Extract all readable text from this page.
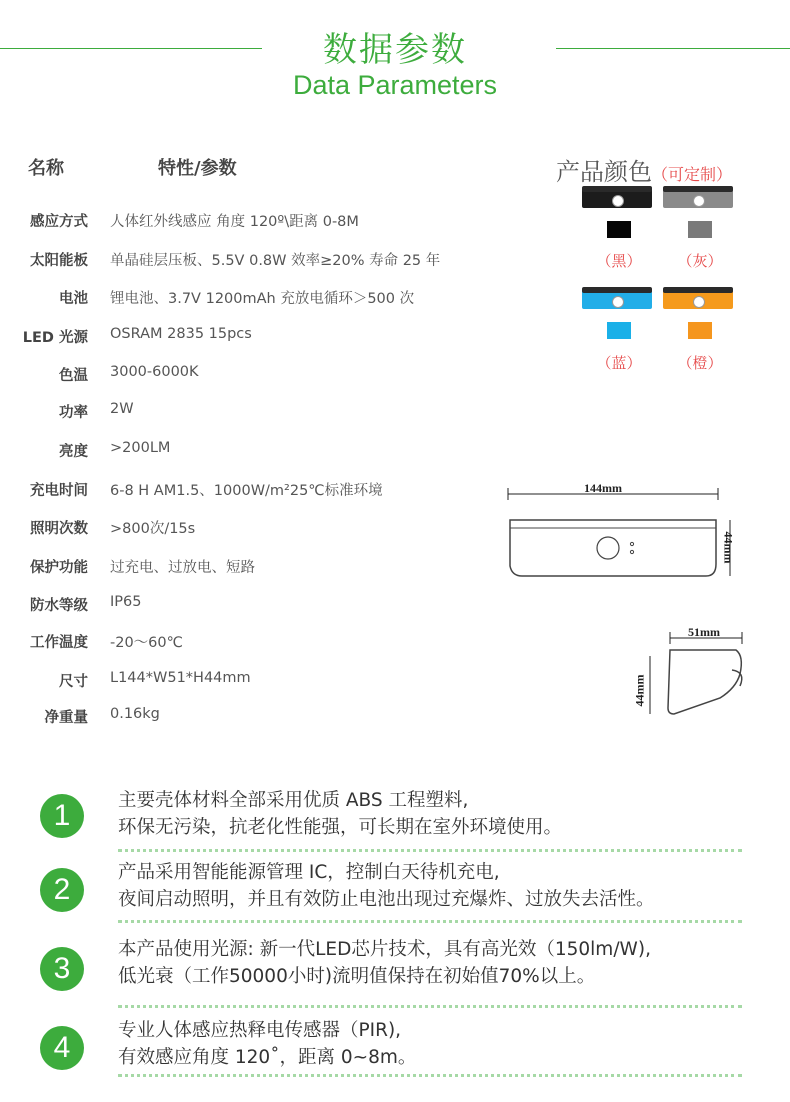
数据参数
Data Parameters
名称	特性/参数
感应方式 人体红外线感应 角度 120º\距离 0-8M
太阳能板 单晶硅层压板、5.5V 0.8W 效率≥20% 寿命 25 年
电池 锂电池、3.7V 1200mAh 充放电循环＞500 次
LED 光源 OSRAM 2835 15pcs
色温 3000-6000K
功率 2W
亮度 >200LM
充电时间 6-8 H AM1.5、1000W/m²25℃标准环境
照明次数 >800次/15s
保护功能 过充电、过放电、短路
防水等级 IP65
工作温度 -20～60℃
尺寸 L144*W51*H44mm
净重量 0.16kg
产品颜色（可定制）
（黑）	（灰）
（蓝）	（橙）
144mm
44mm
51mm
44mm
1	主要壳体材料全部采用优质 ABS 工程塑料,
环保无污染，抗老化性能强，可长期在室外环境使用。
2
产品采用智能能源管理 IC，控制白天待机充电,
夜间启动照明，并且有效防止电池出现过充爆炸、过放失去活性。
3
本产品使用光源: 新一代LED芯片技术，具有高光效（150lm/W),
低光衰（工作50000小时)流明值保持在初始值70%以上。
4
专业人体感应热释电传感器（PIR),
有效感应角度 120˚，距离 0~8m。
